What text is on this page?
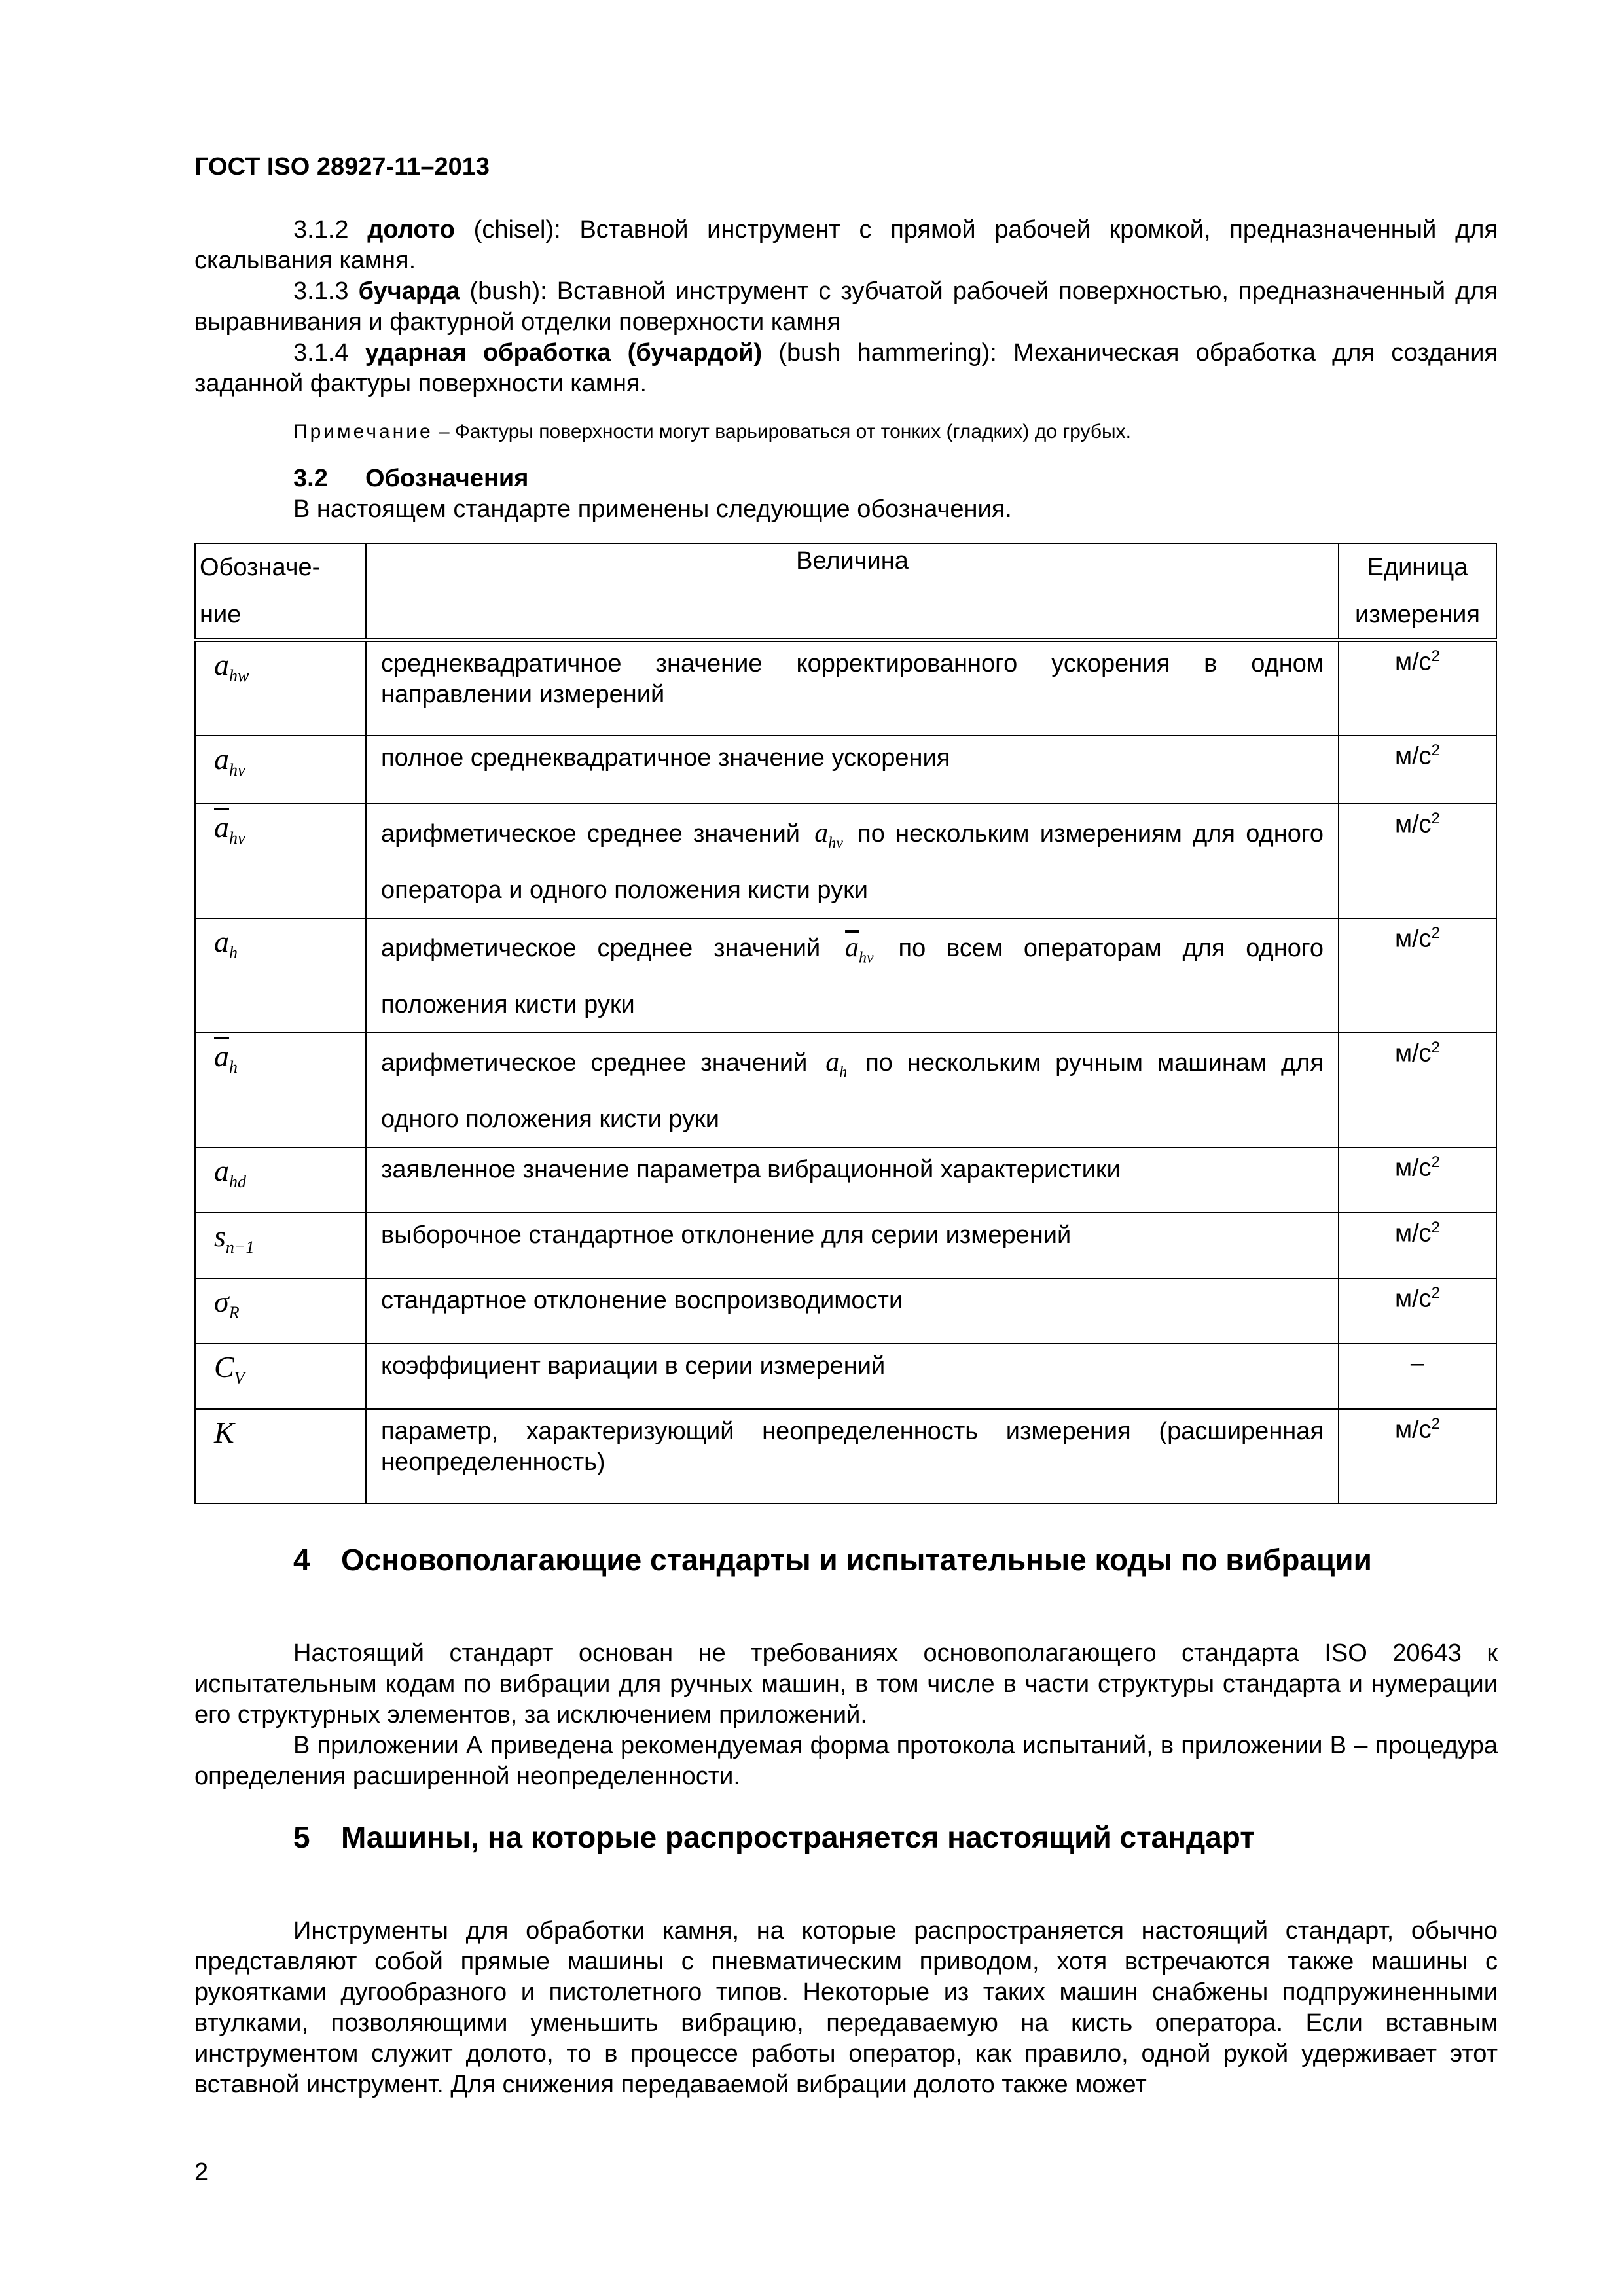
ГОСТ ISO 28927-11–2013
3.1.2 долото (chisel): Вставной инструмент с прямой рабочей кромкой, предназначенный для скалывания камня.
3.1.3 бучарда (bush): Вставной инструмент с зубчатой рабочей поверхностью, предназначенный для выравнивания и фактурной отделки поверхности камня
3.1.4 ударная обработка (бучардой) (bush hammering): Механическая обработка для создания заданной фактуры поверхности камня.
Примечание – Фактуры поверхности могут варьироваться от тонких (гладких) до грубых.
3.2 Обозначения
В настоящем стандарте применены следующие обозначения.
Обозначе-ние	Величина	Единица измерения
$a_{hw}$	среднеквадратичное значение корректированного ускорения в одном направлении измерений	$м/с^2$
$a_{hv}$	полное среднеквадратичное значение ускорения	$м/с^2$
$\overline{a}_{hv}$	арифметическое среднее значений $a_{hv}$ по нескольким измерениям для одного оператора и одного положения кисти руки	$м/с^2$
$a_h$	арифметическое среднее значений $\overline{a}_{hv}$ по всем операторам для одного положения кисти руки	$м/с^2$
$\overline{a}_h$	арифметическое среднее значений $a_h$ по нескольким ручным машинам для одного положения кисти руки	$м/с^2$
$a_{hd}$	заявленное значение параметра вибрационной характеристики	$м/с^2$
$s_{n-1}$	выборочное стандартное отклонение для серии измерений	$м/с^2$
$\sigma_R$	стандартное отклонение воспроизводимости	$м/с^2$
$C_V$	коэффициент вариации в серии измерений	–
K	параметр, характеризующий неопределенность измерения (расширенная неопределенность)	$м/с^2$
4 Основополагающие стандарты и испытательные коды по вибрации
Настоящий стандарт основан не требованиях основополагающего стандарта ISO 20643 к испытательным кодам по вибрации для ручных машин, в том числе в части структуры стандарта и нумерации его структурных элементов, за исключением приложений.
В приложении А приведена рекомендуемая форма протокола испытаний, в приложении В – процедура определения расширенной неопределенности.
5 Машины, на которые распространяется настоящий стандарт
Инструменты для обработки камня, на которые распространяется настоящий стандарт, обычно представляют собой прямые машины с пневматическим приводом, хотя встречаются также машины с рукоятками дугообразного и пистолетного типов. Некоторые из таких машин снабжены подпружиненными втулками, позволяющими уменьшить вибрацию, передаваемую на кисть оператора. Если вставным инструментом служит долото, то в процессе работы оператор, как правило, одной рукой удерживает этот вставной инструмент. Для снижения передаваемой вибрации долото также может
2
